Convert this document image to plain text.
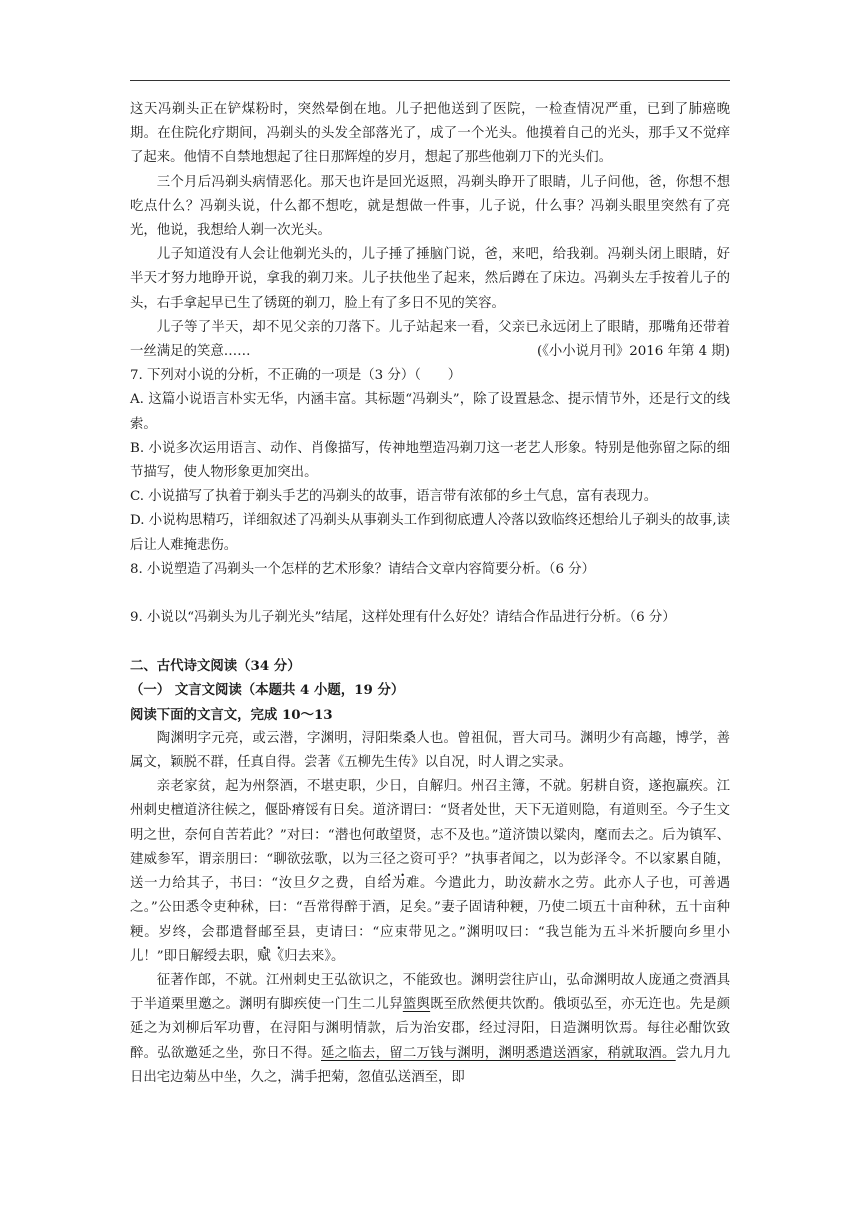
这天冯剃头正在铲煤粉时，突然晕倒在地。儿子把他送到了医院，一检查情况严重，已到了肺癌晚期。在住院化疗期间，冯剃头的头发全部落光了，成了一个光头。他摸着自己的光头，那手又不觉痒了起来。他情不自禁地想起了往日那辉煌的岁月，想起了那些他剃刀下的光头们。

三个月后冯剃头病情恶化。那天也许是回光返照，冯剃头睁开了眼睛，儿子问他，爸，你想不想吃点什么？冯剃头说，什么都不想吃，就是想做一件事，儿子说，什么事？冯剃头眼里突然有了亮光，他说，我想给人剃一次光头。

儿子知道没有人会让他剃光头的，儿子捶了捶脑门说，爸，来吧，给我剃。冯剃头闭上眼睛，好半天才努力地睁开说，拿我的剃刀来。儿子扶他坐了起来，然后蹲在了床边。冯剃头左手按着儿子的头，右手拿起早已生了锈斑的剃刀，脸上有了多日不见的笑容。

儿子等了半天，却不见父亲的刀落下。儿子站起来一看，父亲已永远闭上了眼睛，那嘴角还带着一丝满足的笑意……	(《小小说月刊》2016 年第 4 期)

7. 下列对小说的分析，不正确的一项是（3 分）（　　）

A. 这篇小说语言朴实无华，内涵丰富。其标题“冯剃头”，除了设置悬念、提示情节外，还是行文的线索。

B. 小说多次运用语言、动作、肖像描写，传神地塑造冯剃刀这一老艺人形象。特别是他弥留之际的细节描写，使人物形象更加突出。

C. 小说描写了执着于剃头手艺的冯剃头的故事，语言带有浓郁的乡土气息，富有表现力。

D. 小说构思精巧，详细叙述了冯剃头从事剃头工作到彻底遭人冷落以致临终还想给儿子剃头的故事,读后让人难掩悲伤。

8. 小说塑造了冯剃头一个怎样的艺术形象？请结合文章内容简要分析。（6 分）

9. 小说以“冯剃头为儿子剃光头”结尾，这样处理有什么好处？请结合作品进行分析。（6 分）

二、古代诗文阅读（34 分）

（一） 文言文阅读（本题共 4 小题，19 分）

阅读下面的文言文，完成 10～13

陶渊明字元亮，或云潜，字渊明，浔阳柴桑人也。曾祖侃，晋大司马。渊明少有高趣，博学，善属文，颖脱不群，任真自得。尝著《五柳先生传》以自况，时人谓之实录。

亲老家贫，起为州祭酒，不堪吏职，少日，自解归。州召主簿，不就。躬耕自资，遂抱羸疾。江州刺史檀道济往候之，偃卧瘠馁有日矣。道济谓曰：“贤者处世，天下无道则隐，有道则至。今子生文明之世，奈何自苦若此？”对曰：“潜也何敢望贤，志不及也。”道济馈以粱肉，麾而去之。后为镇军、建威参军，谓亲朋曰：“聊欲弦歌，以为三径之资可乎？”执事者闻之，以为彭泽令。不以家累自随，送一力给其子，书曰：“汝旦夕之费，自给为难。今遣此力，助汝薪水之劳。此亦人子也，可善遇之。”公田悉令吏种秫，曰：“吾常得醉于酒，足矣。”妻子固请种粳，乃使二顷五十亩种秫，五十亩种粳。岁终，会郡遣督邮至县，吏请曰：“应束带见之。”渊明叹曰：“我岂能为五斗米折腰向乡里小儿！”即日解绶去职，赋《归去来》。

征著作郎，不就。江州刺史王弘欲识之，不能致也。渊明尝往庐山，弘命渊明故人庞通之赍酒具于半道栗里邀之。渊明有脚疾使一门生二儿舁篮舆既至欣然便共饮酌。俄顷弘至，亦无迕也。先是颜延之为刘柳后军功曹，在浔阳与渊明情款，后为治安郡，经过浔阳，日造渊明饮焉。每往必酣饮致醉。弘欲邀延之坐，弥日不得。延之临去，留二万钱与渊明，渊明悉遣送酒家，稍就取酒。尝九月九日出宅边菊丛中坐，久之，满手把菊，忽值弘送酒至，即
